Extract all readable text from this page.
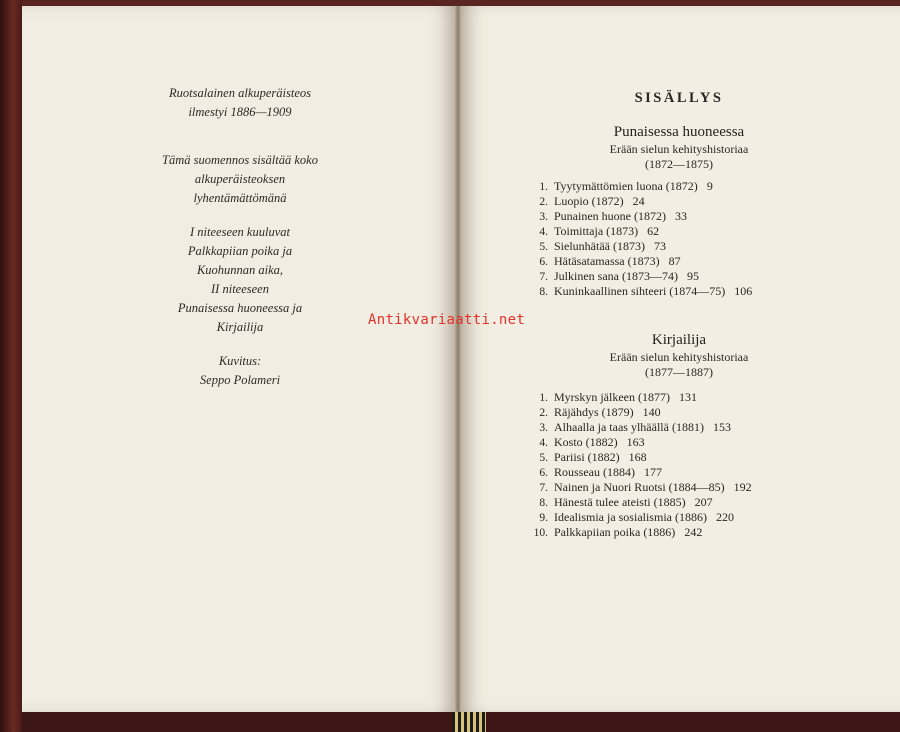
Ruotsalainen alkuperäisteos

ilmestyi 1886—1909

Tämä suomennos sisältää koko

alkuperäisteoksen

lyhentämättömänä

I niteeseen kuuluvat

Palkkapiian poika ja

Kuohunnan aika,

II niteeseen

Punaisessa huoneessa ja

Kirjailija

Kuvitus:

Seppo Polameri

SISÄLLYS
Punaisessa huoneessa
Erään sielun kehityshistoriaa
(1872—1875)
1. Tyytymättömien luona (1872) 9
2. Luopio (1872) 24
3. Punainen huone (1872) 33
4. Toimittaja (1873) 62
5. Sielunhätää (1873) 73
6. Hätäsatamassa (1873) 87
7. Julkinen sana (1873—74) 95
8. Kuninkaallinen sihteeri (1874—75) 106
Kirjailija
Erään sielun kehityshistoriaa
(1877—1887)
1. Myrskyn jälkeen (1877) 131
2. Räjähdys (1879) 140
3. Alhaalla ja taas ylhäällä (1881) 153
4. Kosto (1882) 163
5. Pariisi (1882) 168
6. Rousseau (1884) 177
7. Nainen ja Nuori Ruotsi (1884—85) 192
8. Hänestä tulee ateisti (1885) 207
9. Idealismia ja sosialismia (1886) 220
10. Palkkapiian poika (1886) 242
Antikvariaatti.net
